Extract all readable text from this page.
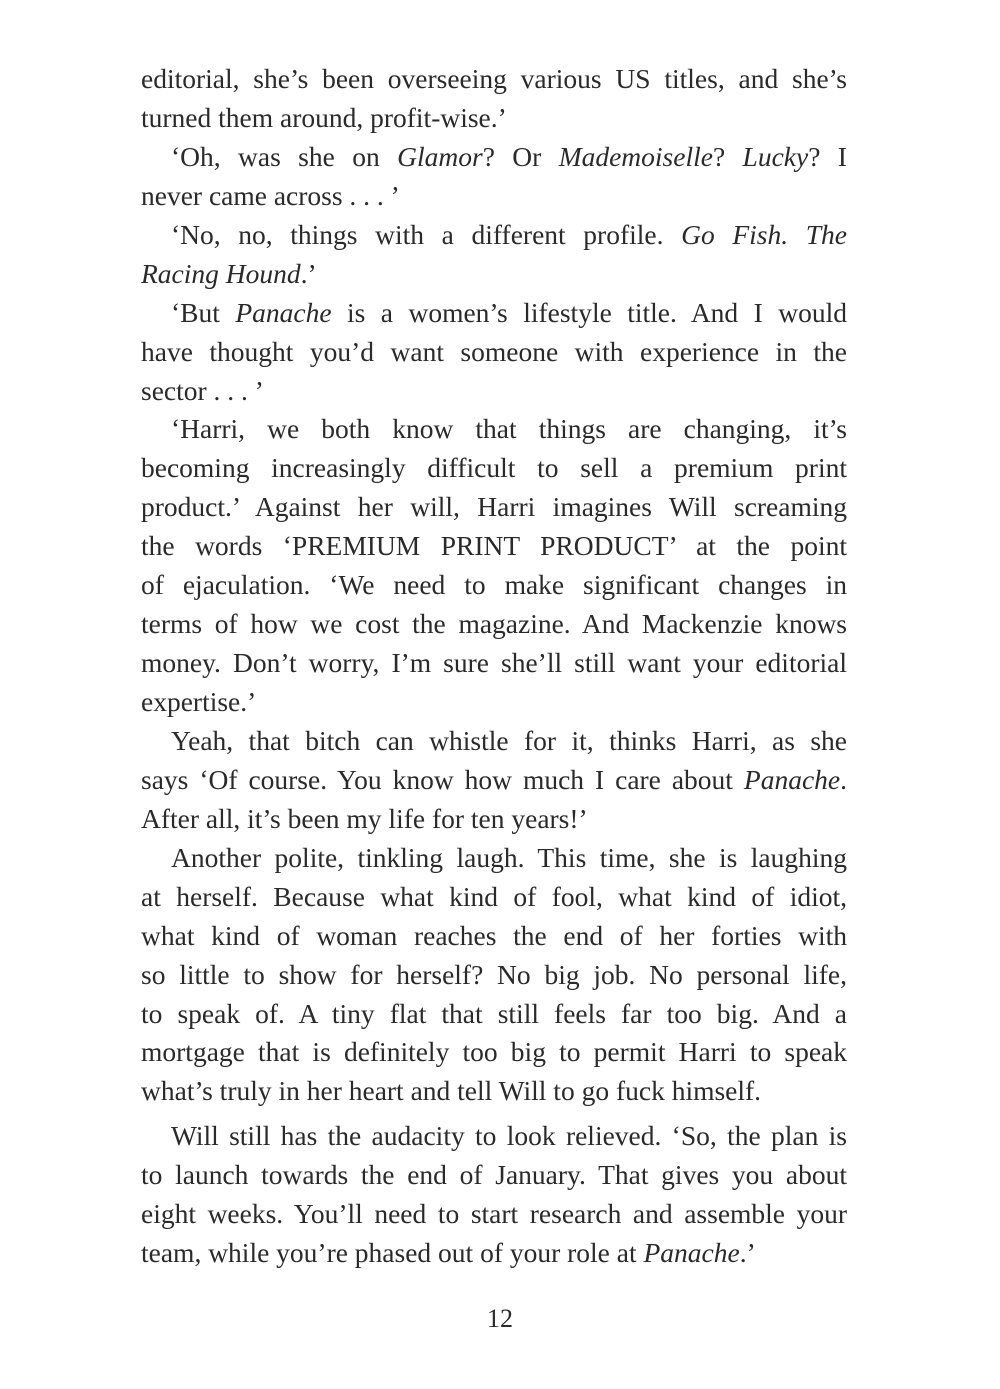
editorial, she’s been overseeing various US titles, and she’s
turned them around, profit-wise.’
‘Oh, was she on Glamor? Or Mademoiselle? Lucky? I
never came across . . . ’
‘No, no, things with a different profile. Go Fish. The
Racing Hound.’
‘But Panache is a women’s lifestyle title. And I would
have thought you’d want someone with experience in the
sector . . . ’
‘Harri, we both know that things are changing, it’s
becoming increasingly difficult to sell a premium print
product.’ Against her will, Harri imagines Will screaming
the words ‘PREMIUM PRINT PRODUCT’ at the point
of ejaculation. ‘We need to make significant changes in
terms of how we cost the magazine. And Mackenzie knows
money. Don’t worry, I’m sure she’ll still want your editorial
expertise.’
Yeah, that bitch can whistle for it, thinks Harri, as she
says ‘Of course. You know how much I care about Panache.
After all, it’s been my life for ten years!’
Another polite, tinkling laugh. This time, she is laughing
at herself. Because what kind of fool, what kind of idiot,
what kind of woman reaches the end of her forties with
so little to show for herself? No big job. No personal life,
to speak of. A tiny flat that still feels far too big. And a
mortgage that is definitely too big to permit Harri to speak
what’s truly in her heart and tell Will to go fuck himself.
Will still has the audacity to look relieved. ‘So, the plan is
to launch towards the end of January. That gives you about
eight weeks. You’ll need to start research and assemble your
team, while you’re phased out of your role at Panache.’
12
